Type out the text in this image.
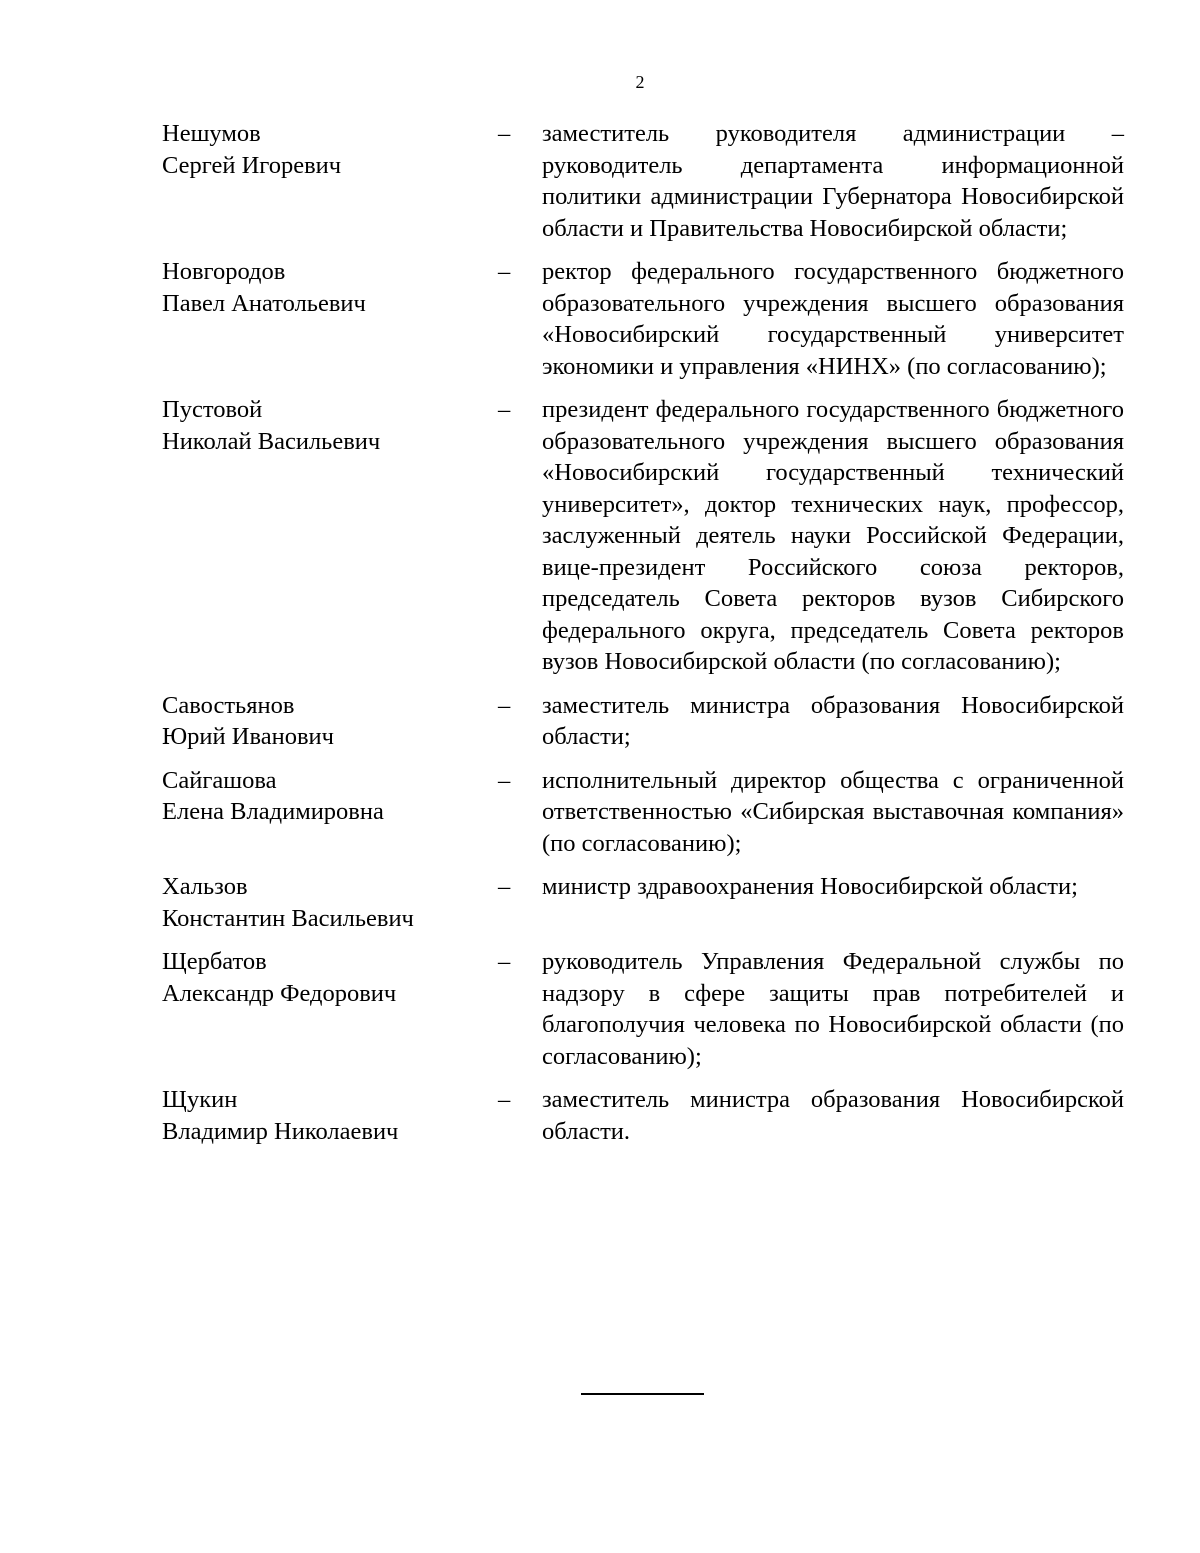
2
Нешумов
Сергей Игоревич
–	заместитель руководителя администрации – руководитель департамента информационной политики администрации Губернатора Новосибирской области и Правительства Новосибирской области;
Новгородов
Павел Анатольевич
–	ректор федерального государственного бюджетного образовательного учреждения высшего образования «Новосибирский государственный университет экономики и управления «НИНХ» (по согласованию);
Пустовой
Николай Васильевич
–	президент федерального государственного бюджетного образовательного учреждения высшего образования «Новосибирский государственный технический университет», доктор технических наук, профессор, заслуженный деятель науки Российской Федерации, вице-президент Российского союза ректоров, председатель Совета ректоров вузов Сибирского федерального округа, председатель Совета ректоров вузов Новосибирской области (по согласованию);
Савостьянов
Юрий Иванович
–	заместитель министра образования Новосибирской области;
Сайгашова
Елена Владимировна
–	исполнительный директор общества с ограниченной ответственностью «Сибирская выставочная компания» (по согласованию);
Хальзов
Константин Васильевич
–	министр здравоохранения Новосибирской области;
Щербатов
Александр Федорович
–	руководитель Управления Федеральной службы по надзору в сфере защиты прав потребителей и благополучия человека по Новосибирской области (по согласованию);
Щукин
Владимир Николаевич
–	заместитель министра образования Новосибирской области.
